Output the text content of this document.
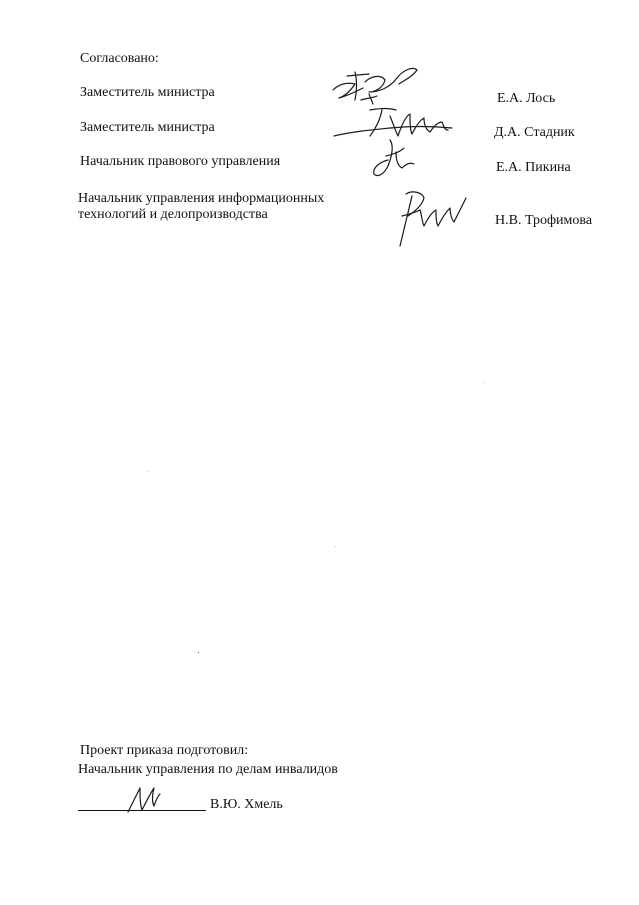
Согласовано:
Заместитель министра	Е.А. Лось
Заместитель министра	Д.А. Стадник
Начальник правового управления	Е.А. Пикина
Начальник управления информационных
технологий и делопроизводства	Н.В. Трофимова
Проект приказа подготовил:
Начальник управления по делам инвалидов
В.Ю. Хмель
